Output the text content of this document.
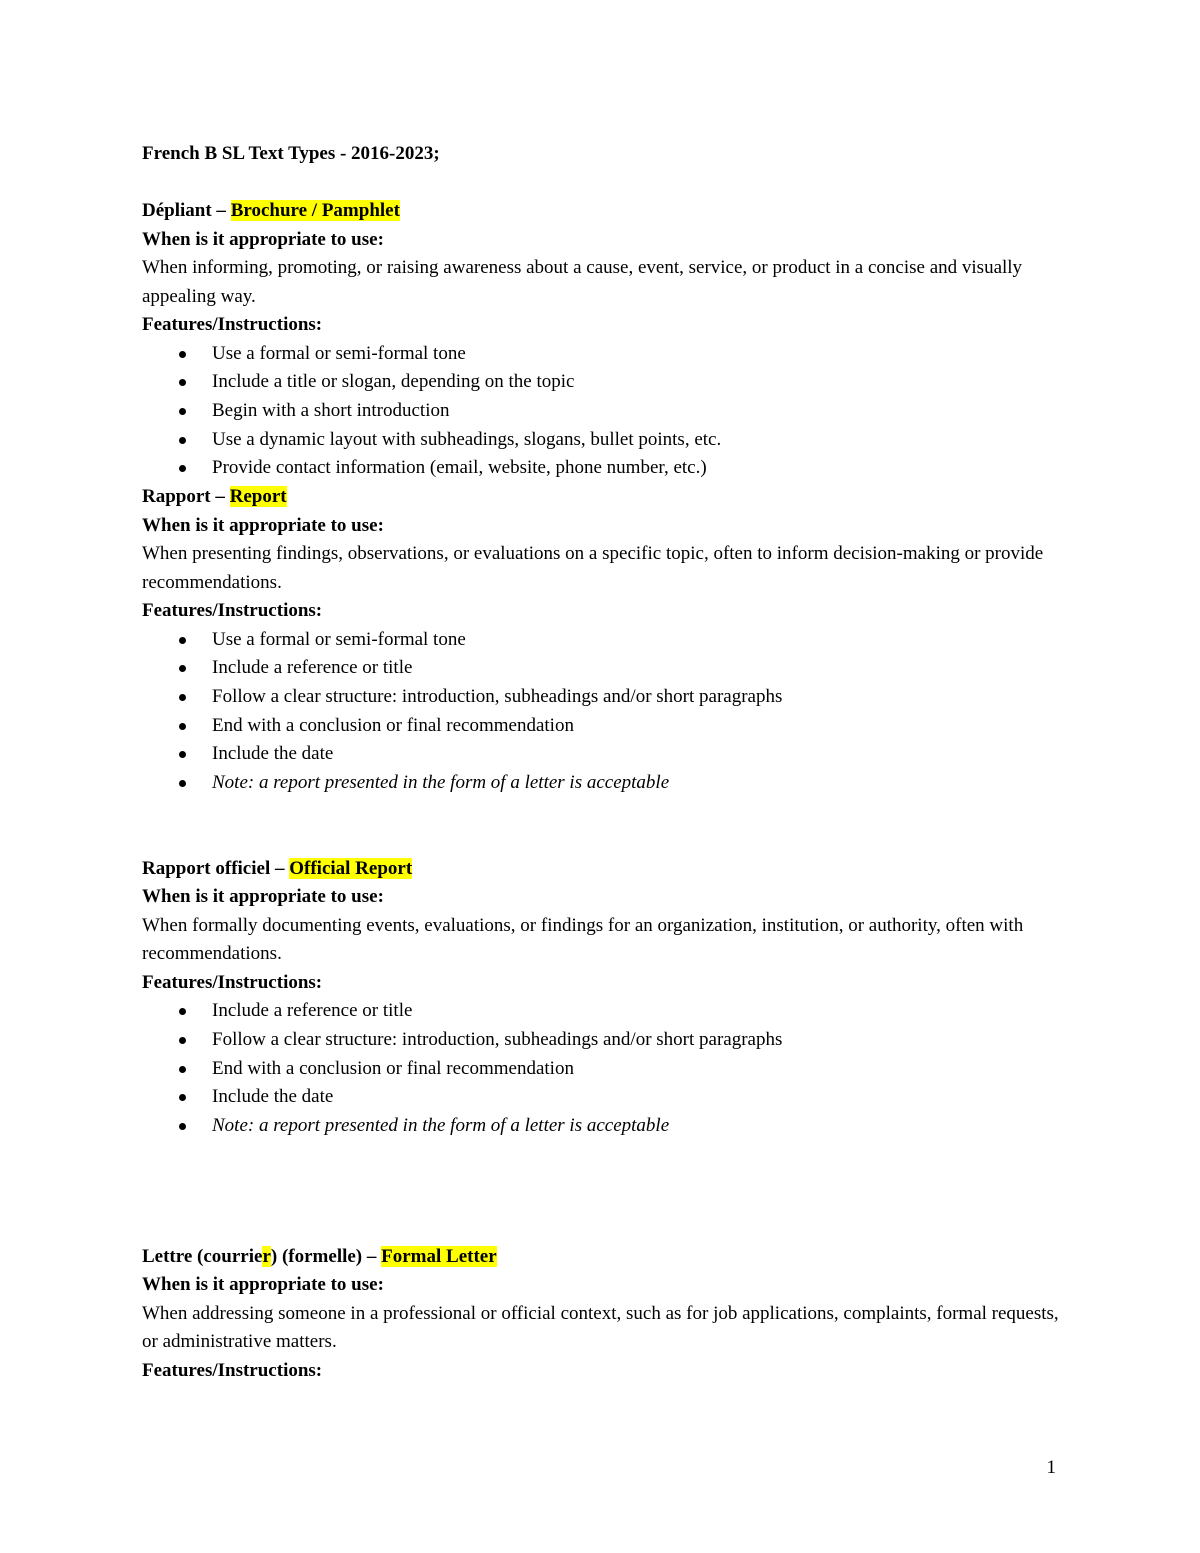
French B SL Text Types - 2016-2023;

Dépliant – Brochure / Pamphlet

When is it appropriate to use:

When informing, promoting, or raising awareness about a cause, event, service, or product in a concise and visually appealing way.

Features/Instructions:

Use a formal or semi-formal tone
Include a title or slogan, depending on the topic
Begin with a short introduction
Use a dynamic layout with subheadings, slogans, bullet points, etc.
Provide contact information (email, website, phone number, etc.)

Rapport – Report

When is it appropriate to use:

When presenting findings, observations, or evaluations on a specific topic, often to inform decision-making or provide recommendations.

Features/Instructions:

Use a formal or semi-formal tone
Include a reference or title
Follow a clear structure: introduction, subheadings and/or short paragraphs
End with a conclusion or final recommendation
Include the date
Note: a report presented in the form of a letter is acceptable

Rapport officiel – Official Report

When is it appropriate to use:

When formally documenting events, evaluations, or findings for an organization, institution, or authority, often with recommendations.

Features/Instructions:

Include a reference or title
Follow a clear structure: introduction, subheadings and/or short paragraphs
End with a conclusion or final recommendation
Include the date
Note: a report presented in the form of a letter is acceptable

Lettre (courrier) (formelle) – Formal Letter

When is it appropriate to use:

When addressing someone in a professional or official context, such as for job applications, complaints, formal requests, or administrative matters.

Features/Instructions:

1
